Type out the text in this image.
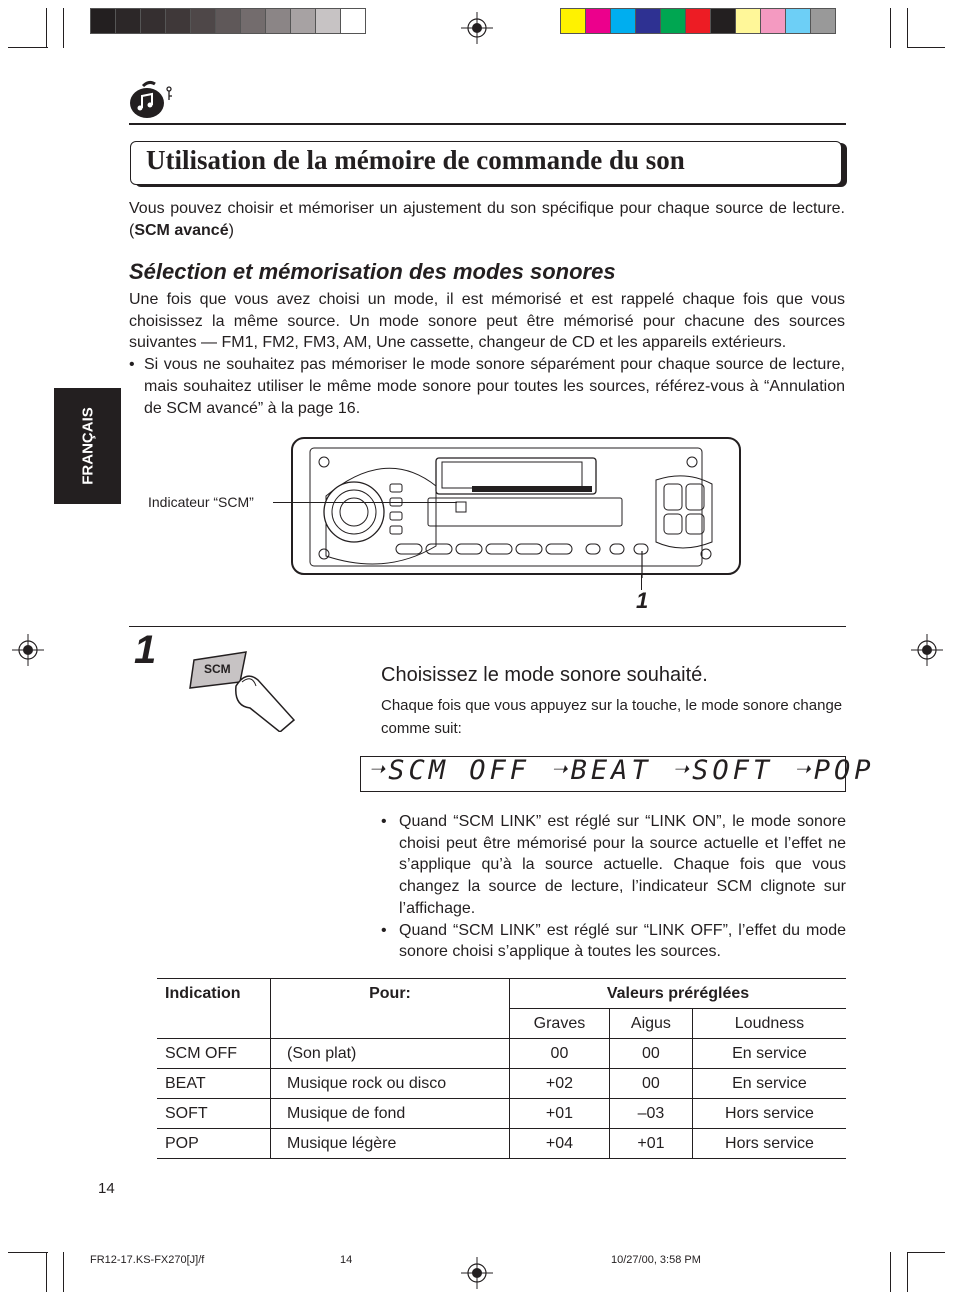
Utilisation de la mémoire de commande du son
Vous pouvez choisir et mémoriser un ajustement du son spécifique pour chaque source de lecture. (SCM avancé)
Sélection et mémorisation des modes sonores
Une fois que vous avez choisi un mode, il est mémorisé et est rappelé chaque fois que vous choisissez la même source. Un mode sonore peut être mémorisé pour chacune des sources suivantes — FM1, FM2, FM3, AM, Une cassette, changeur de CD et les appareils extérieurs.
• Si vous ne souhaitez pas mémoriser le mode sonore séparément pour chaque source de lecture, mais souhaitez utiliser le même mode sonore pour toutes les sources, référez-vous à “Annulation de SCM avancé” à la page 16.
FRANÇAIS
Indicateur “SCM”
1
1	SCM	Choisissez le mode sonore souhaité.
Chaque fois que vous appuyez sur la touche, le mode sonore change comme suit:
➝SCM OFF ➝BEAT ➝SOFT ➝POP
• Quand “SCM LINK” est réglé sur “LINK ON”, le mode sonore choisi peut être mémorisé pour la source actuelle et l’effet ne s’applique qu’à la source actuelle. Chaque fois que vous changez la source de lecture, l’indicateur SCM clignote sur l’affichage.
• Quand “SCM LINK” est réglé sur “LINK OFF”, l’effet du mode sonore choisi s’applique à toutes les sources.
Indication	Pour:	Valeurs préréglées		
		Graves	Aigus	Loudness
SCM OFF	(Son plat)	00	00	En service
BEAT	Musique rock ou disco	+02	00	En service
SOFT	Musique de fond	+01	–03	Hors service
POP	Musique légère	+04	+01	Hors service
14
FR12-17.KS-FX270[J]/f	14	10/27/00, 3:58 PM
